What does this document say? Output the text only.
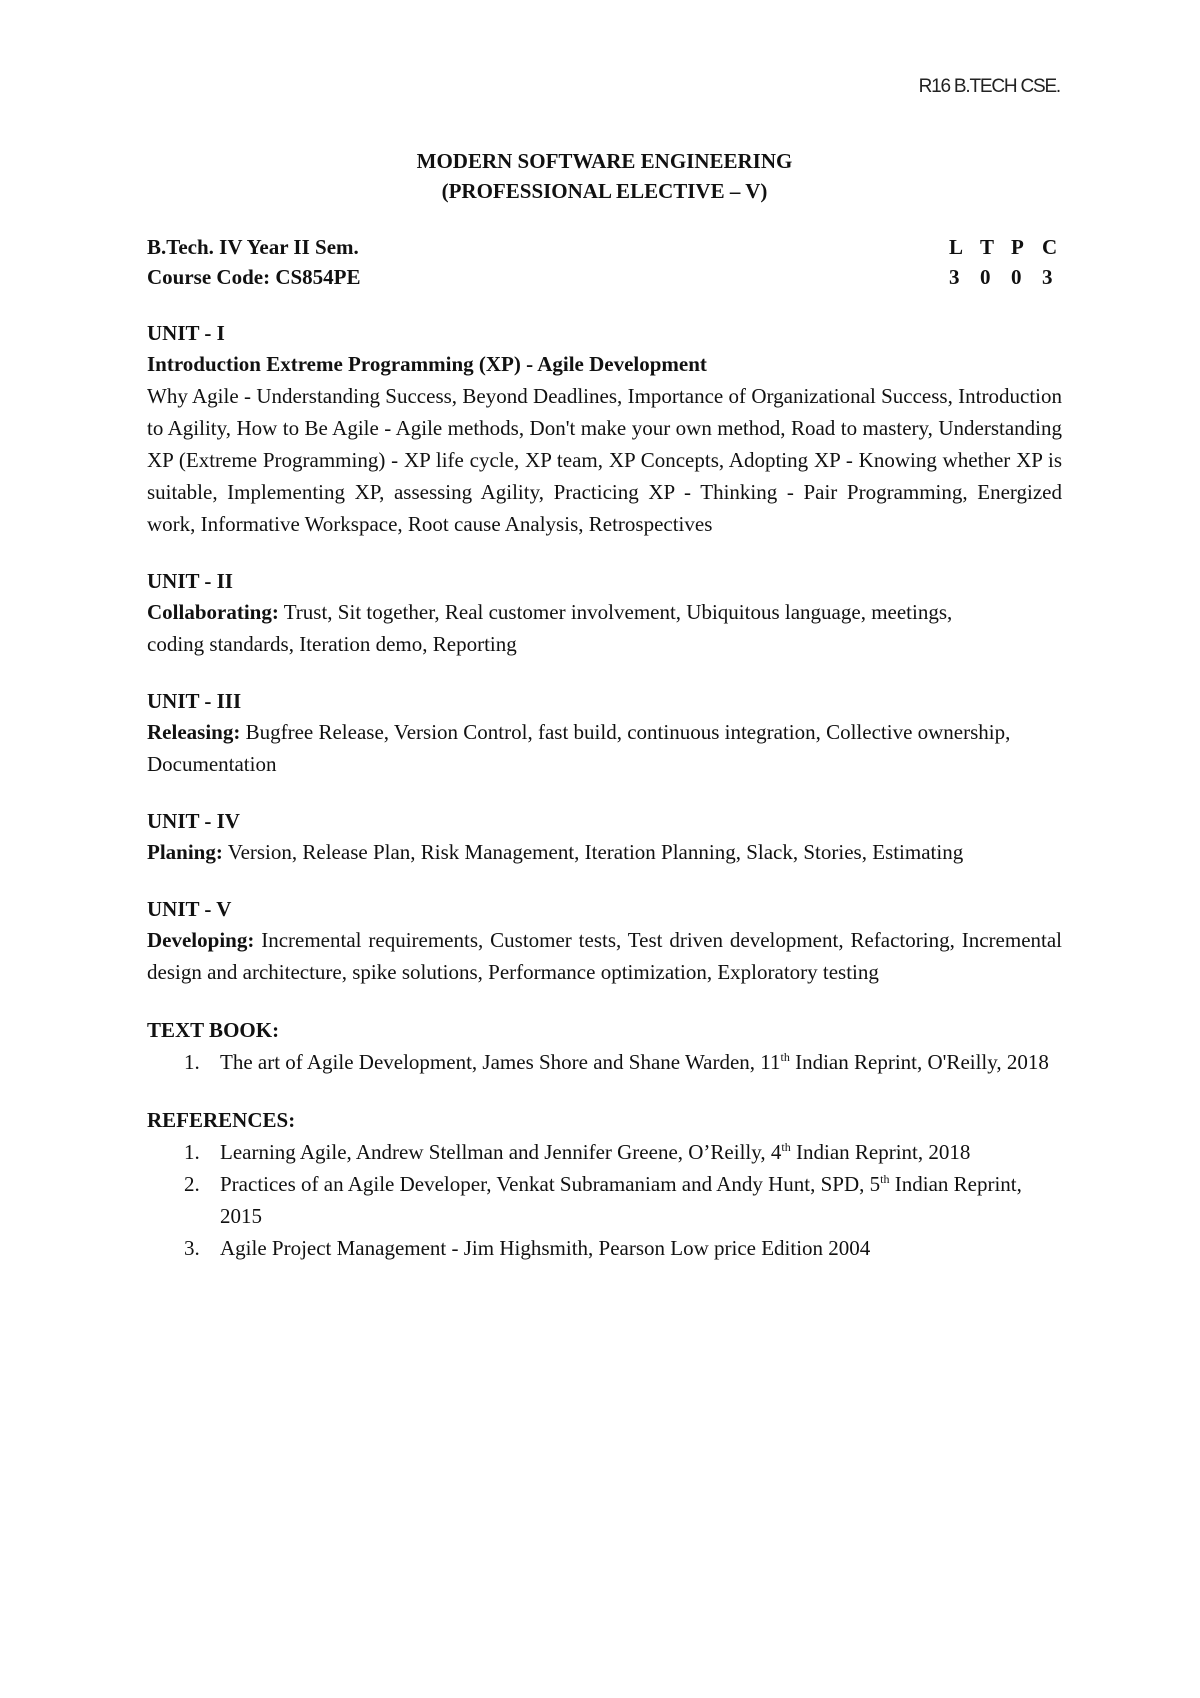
R16 B.TECH CSE.
MODERN SOFTWARE ENGINEERING
(PROFESSIONAL ELECTIVE – V)
B.Tech. IV Year II Sem.
Course Code: CS854PE
L T P C
3 0 0 3
UNIT - I
Introduction Extreme Programming (XP) - Agile Development
Why Agile - Understanding Success, Beyond Deadlines, Importance of Organizational Success, Introduction to Agility, How to Be Agile - Agile methods, Don't make your own method, Road to mastery, Understanding XP (Extreme Programming) - XP life cycle, XP team, XP Concepts, Adopting XP - Knowing whether XP is suitable, Implementing XP, assessing Agility, Practicing XP - Thinking - Pair Programming, Energized work, Informative Workspace, Root cause Analysis, Retrospectives
UNIT - II
Collaborating: Trust, Sit together, Real customer involvement, Ubiquitous language, meetings, coding standards, Iteration demo, Reporting
UNIT - III
Releasing: Bugfree Release, Version Control, fast build, continuous integration, Collective ownership, Documentation
UNIT - IV
Planing: Version, Release Plan, Risk Management, Iteration Planning, Slack, Stories, Estimating
UNIT - V
Developing: Incremental requirements, Customer tests, Test driven development, Refactoring, Incremental design and architecture, spike solutions, Performance optimization, Exploratory testing
TEXT BOOK:
1. The art of Agile Development, James Shore and Shane Warden, 11th Indian Reprint, O'Reilly, 2018
REFERENCES:
1. Learning Agile, Andrew Stellman and Jennifer Greene, O’Reilly, 4th Indian Reprint, 2018
2. Practices of an Agile Developer, Venkat Subramaniam and Andy Hunt, SPD, 5th Indian Reprint, 2015
3. Agile Project Management - Jim Highsmith, Pearson Low price Edition 2004
